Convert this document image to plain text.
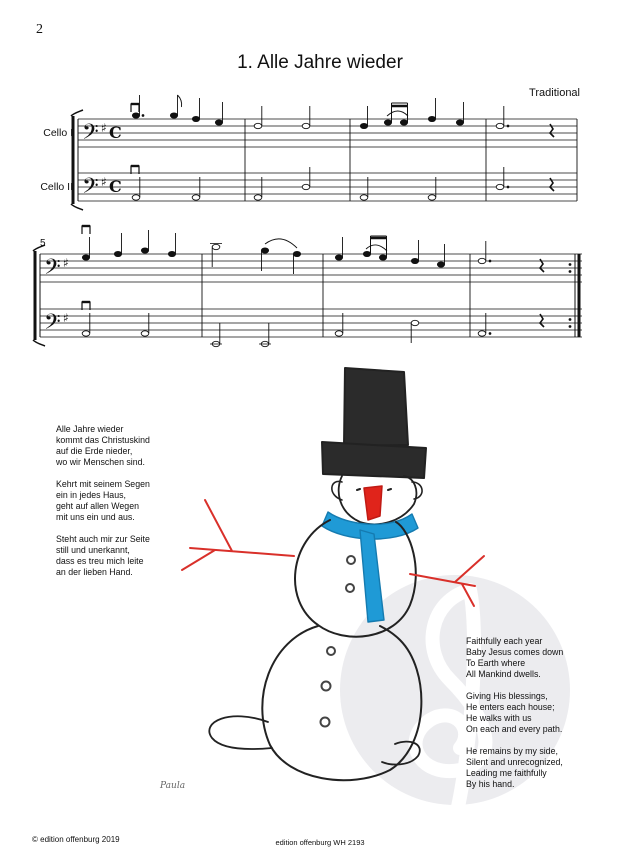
2
1. Alle Jahre wieder
Traditional
Cello I
Cello II
𝄢
𝄢
𝄢
𝄢
♯
♯
♯
♯
C
C
5

Alle Jahre wieder
kommt das Christuskind
auf die Erde nieder,
wo wir Menschen sind.

Kehrt mit seinem Segen
ein in jedes Haus,
geht auf allen Wegen
mit uns ein und aus.

Steht auch mir zur Seite
still und unerkannt,
dass es treu mich leite
an der lieben Hand.

Faithfully each year
Baby Jesus comes down
To Earth where
All Mankind dwells.

Giving His blessings,
He enters each house;
He walks with us
On each and every path.

He remains by my side,
Silent and unrecognized,
Leading me faithfully
By his hand.

Paula
© edition offenburg 2019	edition offenburg WH 2193
